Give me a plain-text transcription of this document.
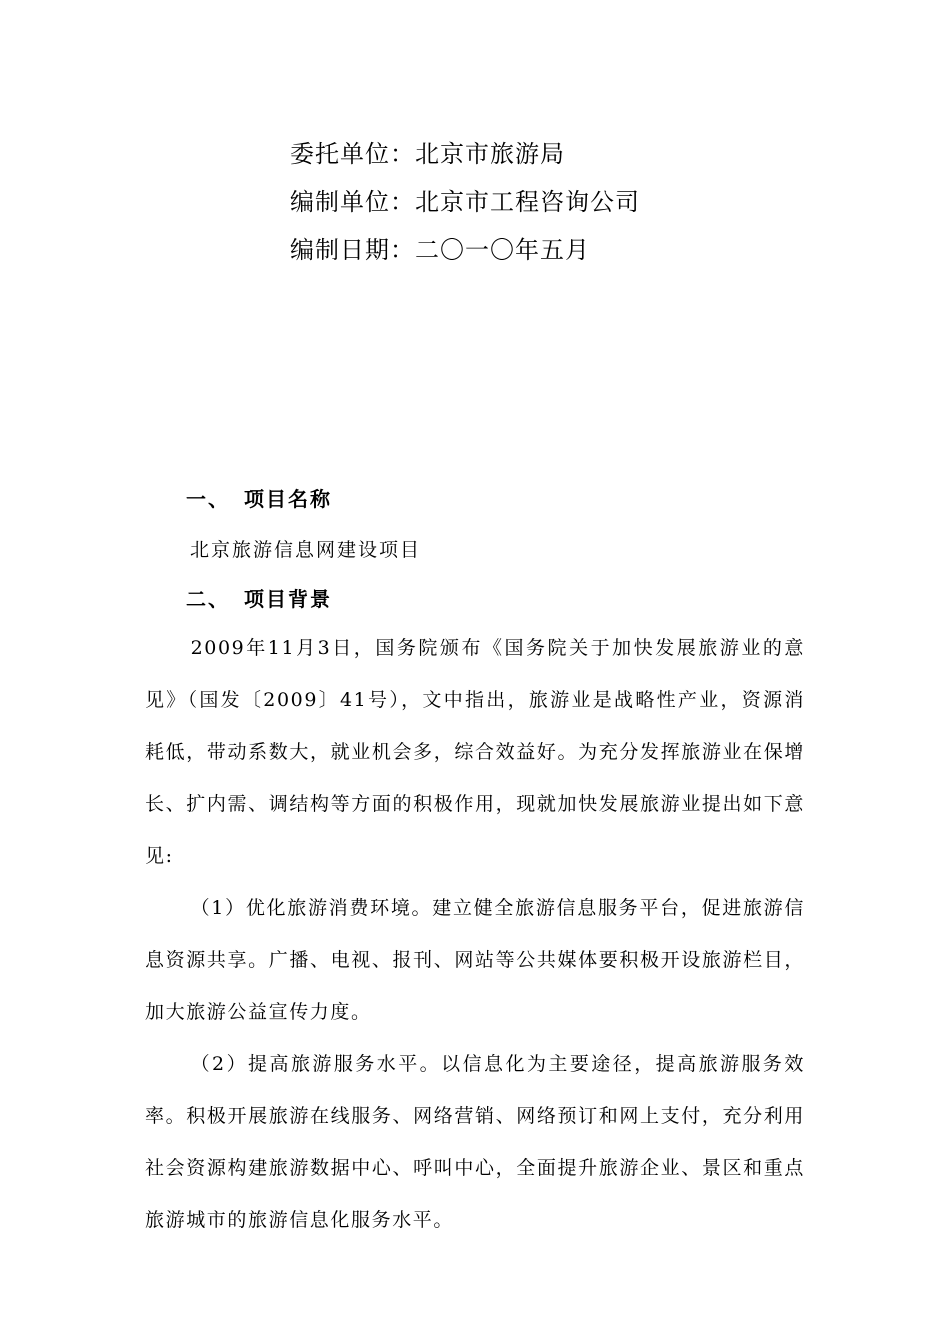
委托单位：北京市旅游局
编制单位：北京市工程咨询公司
编制日期：二〇一〇年五月
一、 项目名称
北京旅游信息网建设项目
二、 项目背景

2009年11月3日，国务院颁布《国务院关于加快发展旅游业的意见》（国发〔2009〕41号），文中指出，旅游业是战略性产业，资源消耗低，带动系数大，就业机会多，综合效益好。为充分发挥旅游业在保增长、扩内需、调结构等方面的积极作用，现就加快发展旅游业提出如下意见:

（1）优化旅游消费环境。建立健全旅游信息服务平台，促进旅游信息资源共享。广播、电视、报刊、网站等公共媒体要积极开设旅游栏目，加大旅游公益宣传力度。

（2）提高旅游服务水平。以信息化为主要途径，提高旅游服务效率。积极开展旅游在线服务、网络营销、网络预订和网上支付，充分利用社会资源构建旅游数据中心、呼叫中心，全面提升旅游企业、景区和重点旅游城市的旅游信息化服务水平。
